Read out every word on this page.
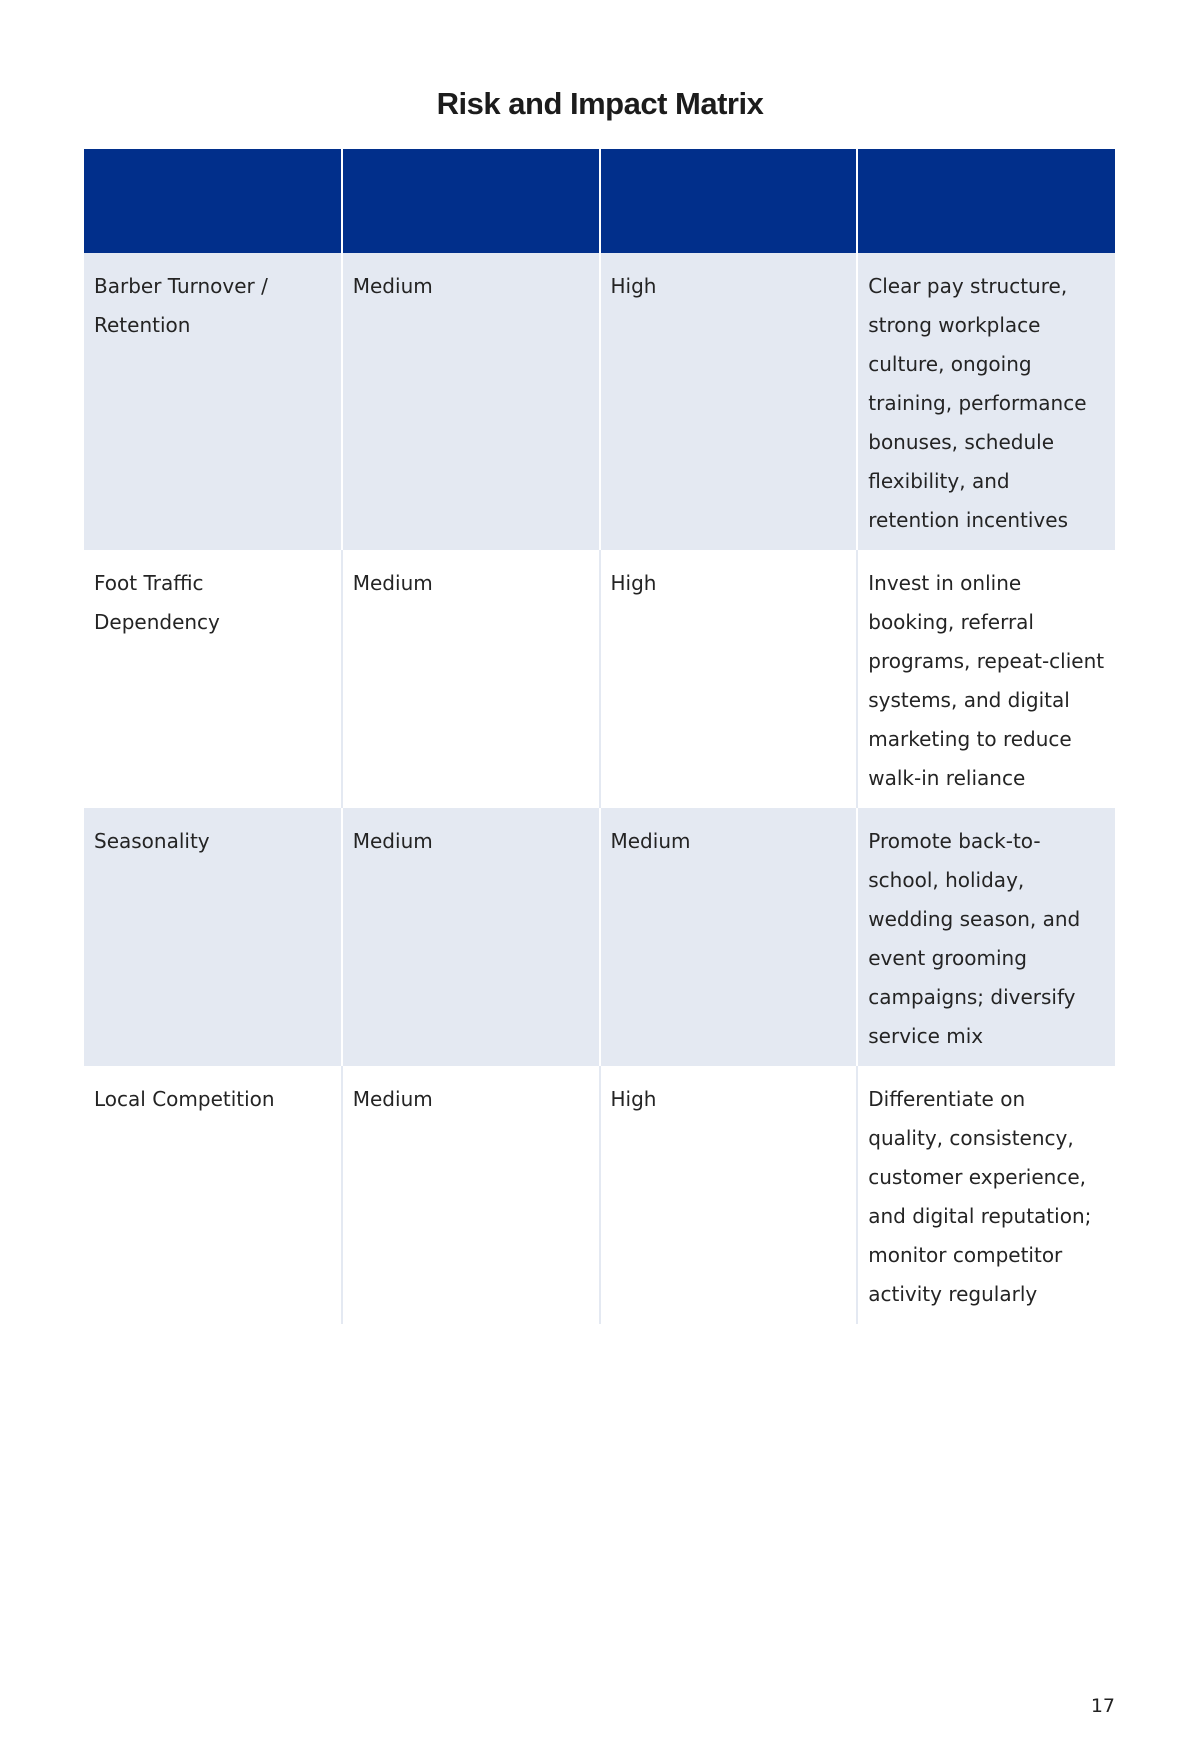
Risk and Impact Matrix

Barber Turnover / Retention	Medium	High	Clear pay structure, strong workplace culture, ongoing training, performance bonuses, schedule flexibility, and retention incentives
Foot Traffic Dependency	Medium	High	Invest in online booking, referral programs, repeat-client systems, and digital marketing to reduce walk-in reliance
Seasonality	Medium	Medium	Promote back-to-school, holiday, wedding season, and event grooming campaigns; diversify service mix
Local Competition	Medium	High	Differentiate on quality, consistency, customer experience, and digital reputation; monitor competitor activity regularly
17
